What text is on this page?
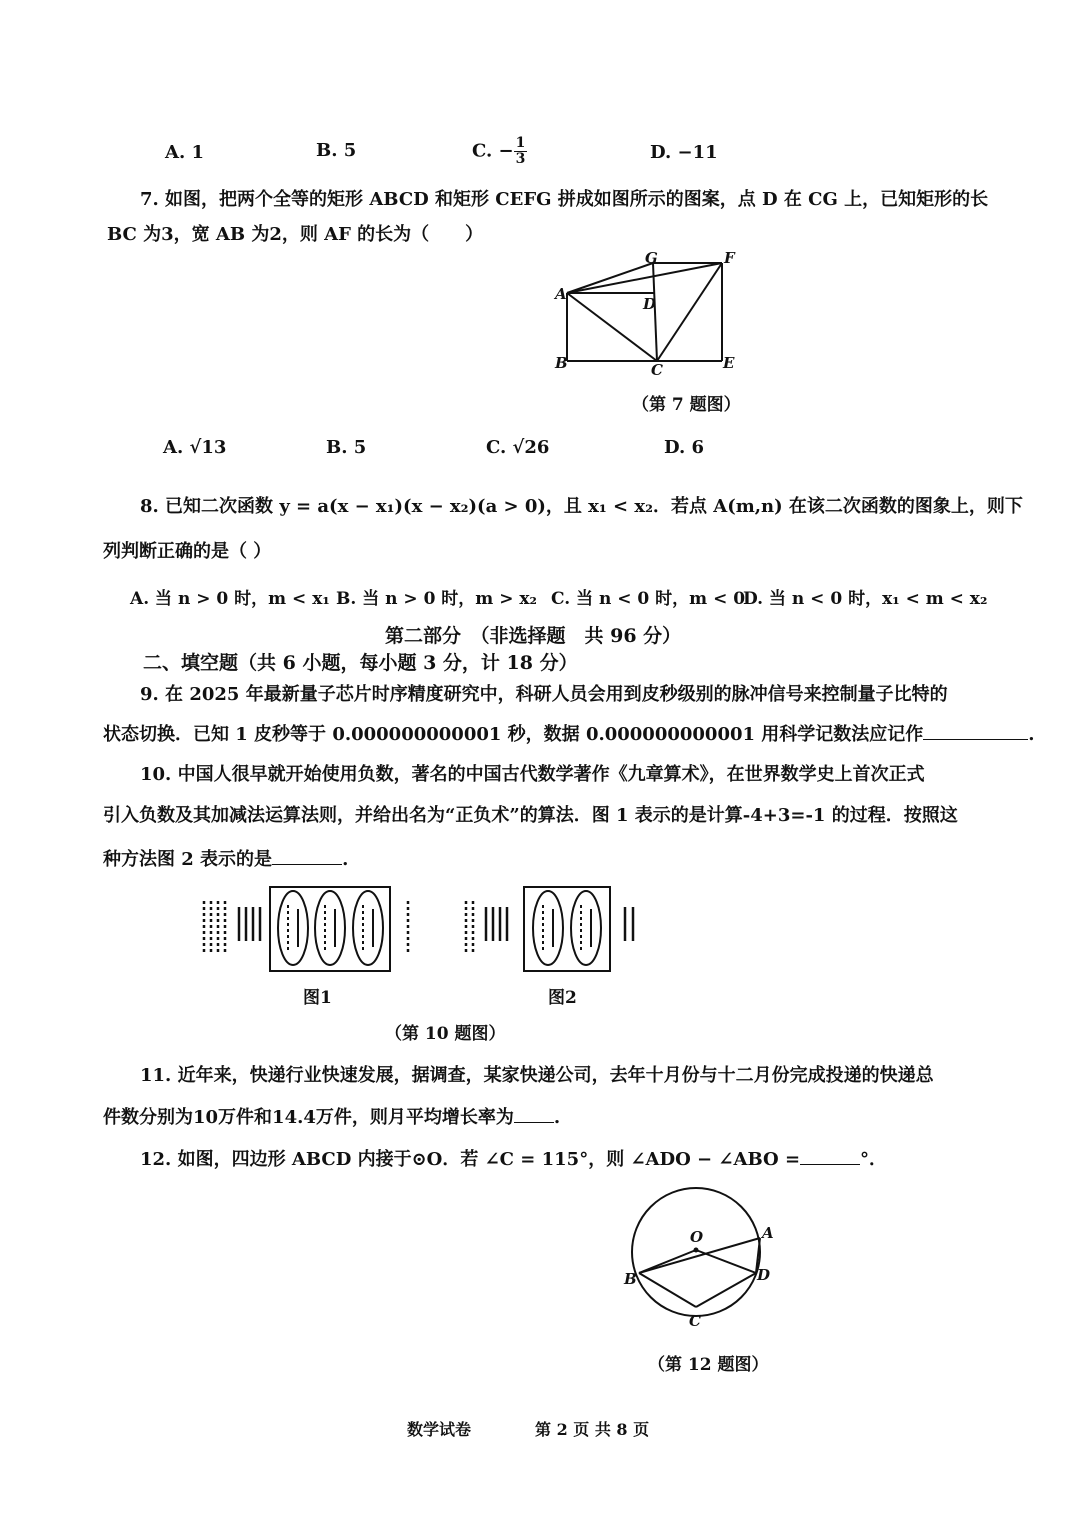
A. 1	B. 5	C. − $\frac{1}{3}$	D. −11
7. 如图，把两个全等的矩形 ABCD 和矩形 CEFG 拼成如图所示的图案，点 D 在 CG 上，已知矩形的长
BC 为3，宽 AB 为2，则 AF 的长为（　　）
A
B	C
D
E
F
G
（第 7 题图）
A. √13	B. 5	C. √26	D. 6
8. 已知二次函数 y = a(x − x₁)(x − x₂)(a > 0)，且 x₁ < x₂．若点 A(m,n) 在该二次函数的图象上，则下
列判断正确的是（ ）
A. 当 n > 0 时，m < x₁ B. 当 n > 0 时，m > x₂ C. 当 n < 0 时，m < 0
D. 当 n < 0 时，x₁ < m < x₂
第二部分　（非选择题　共 96 分）
二、填空题（共 6 小题，每小题 3 分，计 18 分）
9. 在 2025 年最新量子芯片时序精度研究中，科研人员会用到皮秒级别的脉冲信号来控制量子比特的
状态切换．已知 1 皮秒等于 0.000000000001 秒，数据 0.000000000001 用科学记数法应记作	.
10. 中国人很早就开始使用负数，著名的中国古代数学著作《九章算术》，在世界数学史上首次正式
引入负数及其加减法运算法则，并给出名为“正负术”的算法．图 1 表示的是计算-4+3=-1 的过程．按照这
种方法图 2 表示的是	.
图1	图2
（第 10 题图）
11. 近年来，快递行业快速发展，据调查，某家快递公司，去年十月份与十二月份完成投递的快递总
件数分别为10万件和14.4万件，则月平均增长率为 .
12. 如图，四边形 ABCD 内接于⊙O．若 ∠C = 115°，则 ∠ADO − ∠ABO =	°．
O	A
B
C
D
（第 12 题图）
数学试卷	第 2 页 共 8 页
